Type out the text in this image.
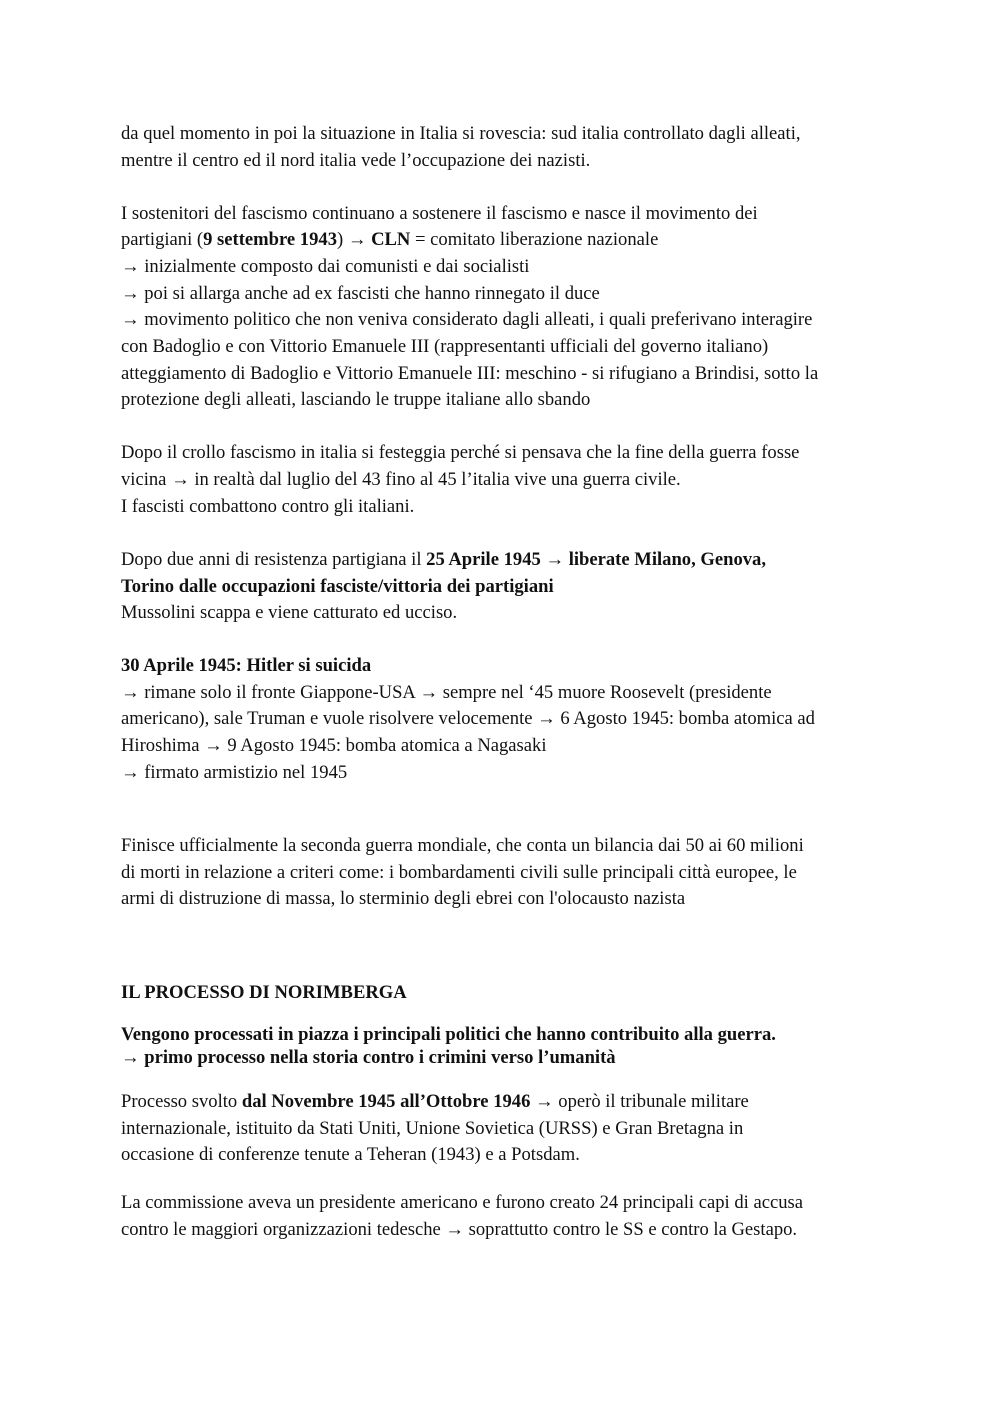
da quel momento in poi la situazione in Italia si rovescia: sud italia controllato dagli alleati,
mentre il centro ed il nord italia vede l’occupazione dei nazisti.
I sostenitori del fascismo continuano a sostenere il fascismo e nasce il movimento dei
partigiani (9 settembre 1943) → CLN = comitato liberazione nazionale
→ inizialmente composto dai comunisti e dai socialisti
→ poi si allarga anche ad ex fascisti che hanno rinnegato il duce
→ movimento politico che non veniva considerato dagli alleati, i quali preferivano interagire
con Badoglio e con Vittorio Emanuele III (rappresentanti ufficiali del governo italiano)
atteggiamento di Badoglio e Vittorio Emanuele III: meschino - si rifugiano a Brindisi, sotto la
protezione degli alleati, lasciando le truppe italiane allo sbando
Dopo il crollo fascismo in italia si festeggia perché si pensava che la fine della guerra fosse
vicina → in realtà dal luglio del 43 fino al 45 l’italia vive una guerra civile.
I fascisti combattono contro gli italiani.
Dopo due anni di resistenza partigiana il 25 Aprile 1945 → liberate Milano, Genova,
Torino dalle occupazioni fasciste/vittoria dei partigiani
Mussolini scappa e viene catturato ed ucciso.
30 Aprile 1945: Hitler si suicida
→ rimane solo il fronte Giappone-USA → sempre nel ‘45 muore Roosevelt (presidente
americano), sale Truman e vuole risolvere velocemente → 6 Agosto 1945: bomba atomica ad
Hiroshima → 9 Agosto 1945: bomba atomica a Nagasaki
→ firmato armistizio nel 1945
Finisce ufficialmente la seconda guerra mondiale, che conta un bilancia dai 50 ai 60 milioni
di morti in relazione a criteri come: i bombardamenti civili sulle principali città europee, le
armi di distruzione di massa, lo sterminio degli ebrei con l'olocausto nazista
IL PROCESSO DI NORIMBERGA
Vengono processati in piazza i principali politici che hanno contribuito alla guerra.
→ primo processo nella storia contro i crimini verso l’umanità
Processo svolto dal Novembre 1945 all’Ottobre 1946 → operò il tribunale militare
internazionale, istituito da Stati Uniti, Unione Sovietica (URSS) e Gran Bretagna in
occasione di conferenze tenute a Teheran (1943) e a Potsdam.
La commissione aveva un presidente americano e furono creato 24 principali capi di accusa
contro le maggiori organizzazioni tedesche → soprattutto contro le SS e contro la Gestapo.
